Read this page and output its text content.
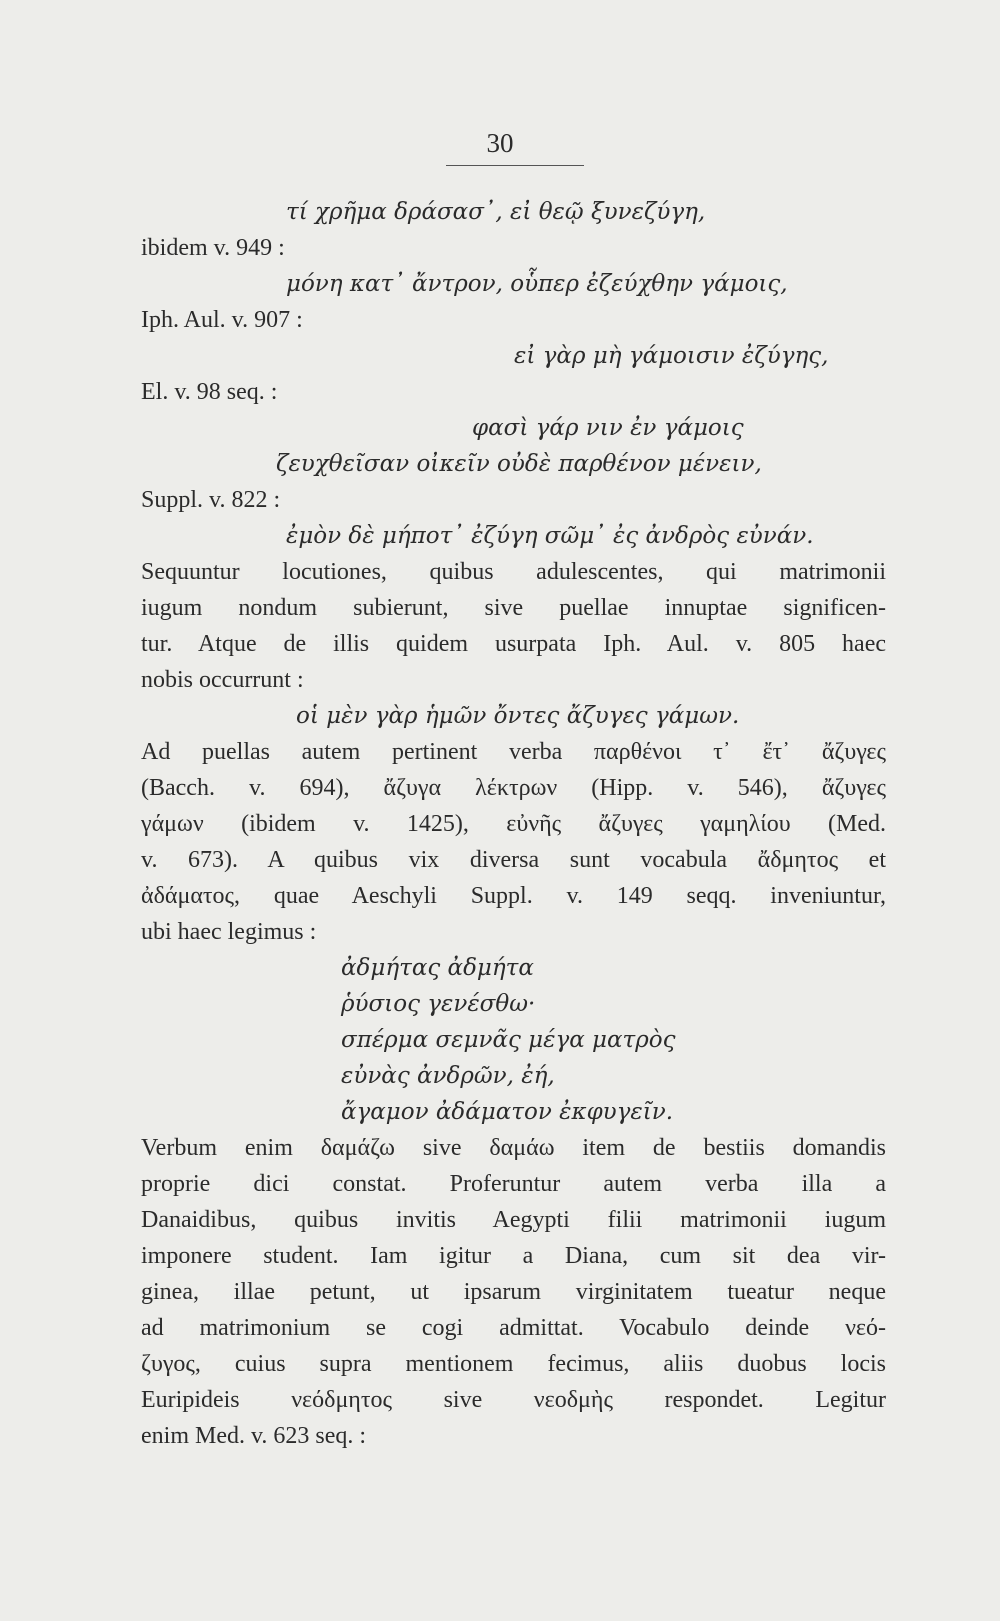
30
τί χρῆμα δράσασ᾽, εἰ θεῷ ξυνεζύγη,
ibidem v. 949 :
μόνη κατ᾽ ἄντρον, οὗπερ ἐζεύχθην γάμοις,
Iph. Aul. v. 907 :
εἰ γὰρ μὴ γάμοισιν ἐζύγης,
El. v. 98 seq. :
φασὶ γάρ νιν ἐν γάμοις
ζευχθεῖσαν οἰκεῖν οὐδὲ παρθένον μένειν,
Suppl. v. 822 :
ἐμὸν δὲ μήποτ᾽ ἐζύγη σῶμ᾽ ἐς ἀνδρὸς εὐνάν.
Sequuntur locutiones, quibus adulescentes, qui matrimonii
iugum nondum subierunt, sive puellae innuptae significen-
tur. Atque de illis quidem usurpata Iph. Aul. v. 805 haec
nobis occurrunt :
οἱ μὲν γὰρ ἡμῶν ὄντες ἄζυγες γάμων.
Ad puellas autem pertinent verba παρθένοι τ᾽ ἔτ᾽ ἄζυγες
(Bacch. v. 694), ἄζυγα λέκτρων (Hipp. v. 546), ἄζυγες
γάμων (ibidem v. 1425), εὐνῆς ἄζυγες γαμηλίου (Med.
v. 673). A quibus vix diversa sunt vocabula ἄδμητος et
ἀδάματος, quae Aeschyli Suppl. v. 149 seqq. inveniuntur,
ubi haec legimus :
ἀδμήτας ἀδμήτα
ῥύσιος γενέσθω·
σπέρμα σεμνᾶς μέγα ματρὸς
εὐνὰς ἀνδρῶν, ἐή,
ἄγαμον ἀδάματον ἐκφυγεῖν.
Verbum enim δαμάζω sive δαμάω item de bestiis domandis
proprie dici constat. Proferuntur autem verba illa a
Danaidibus, quibus invitis Aegypti filii matrimonii iugum
imponere student. Iam igitur a Diana, cum sit dea vir-
ginea, illae petunt, ut ipsarum virginitatem tueatur neque
ad matrimonium se cogi admittat. Vocabulo deinde νεό-
ζυγος, cuius supra mentionem fecimus, aliis duobus locis
Euripideis νεόδμητος sive νεοδμὴς respondet. Legitur
enim Med. v. 623 seq. :
